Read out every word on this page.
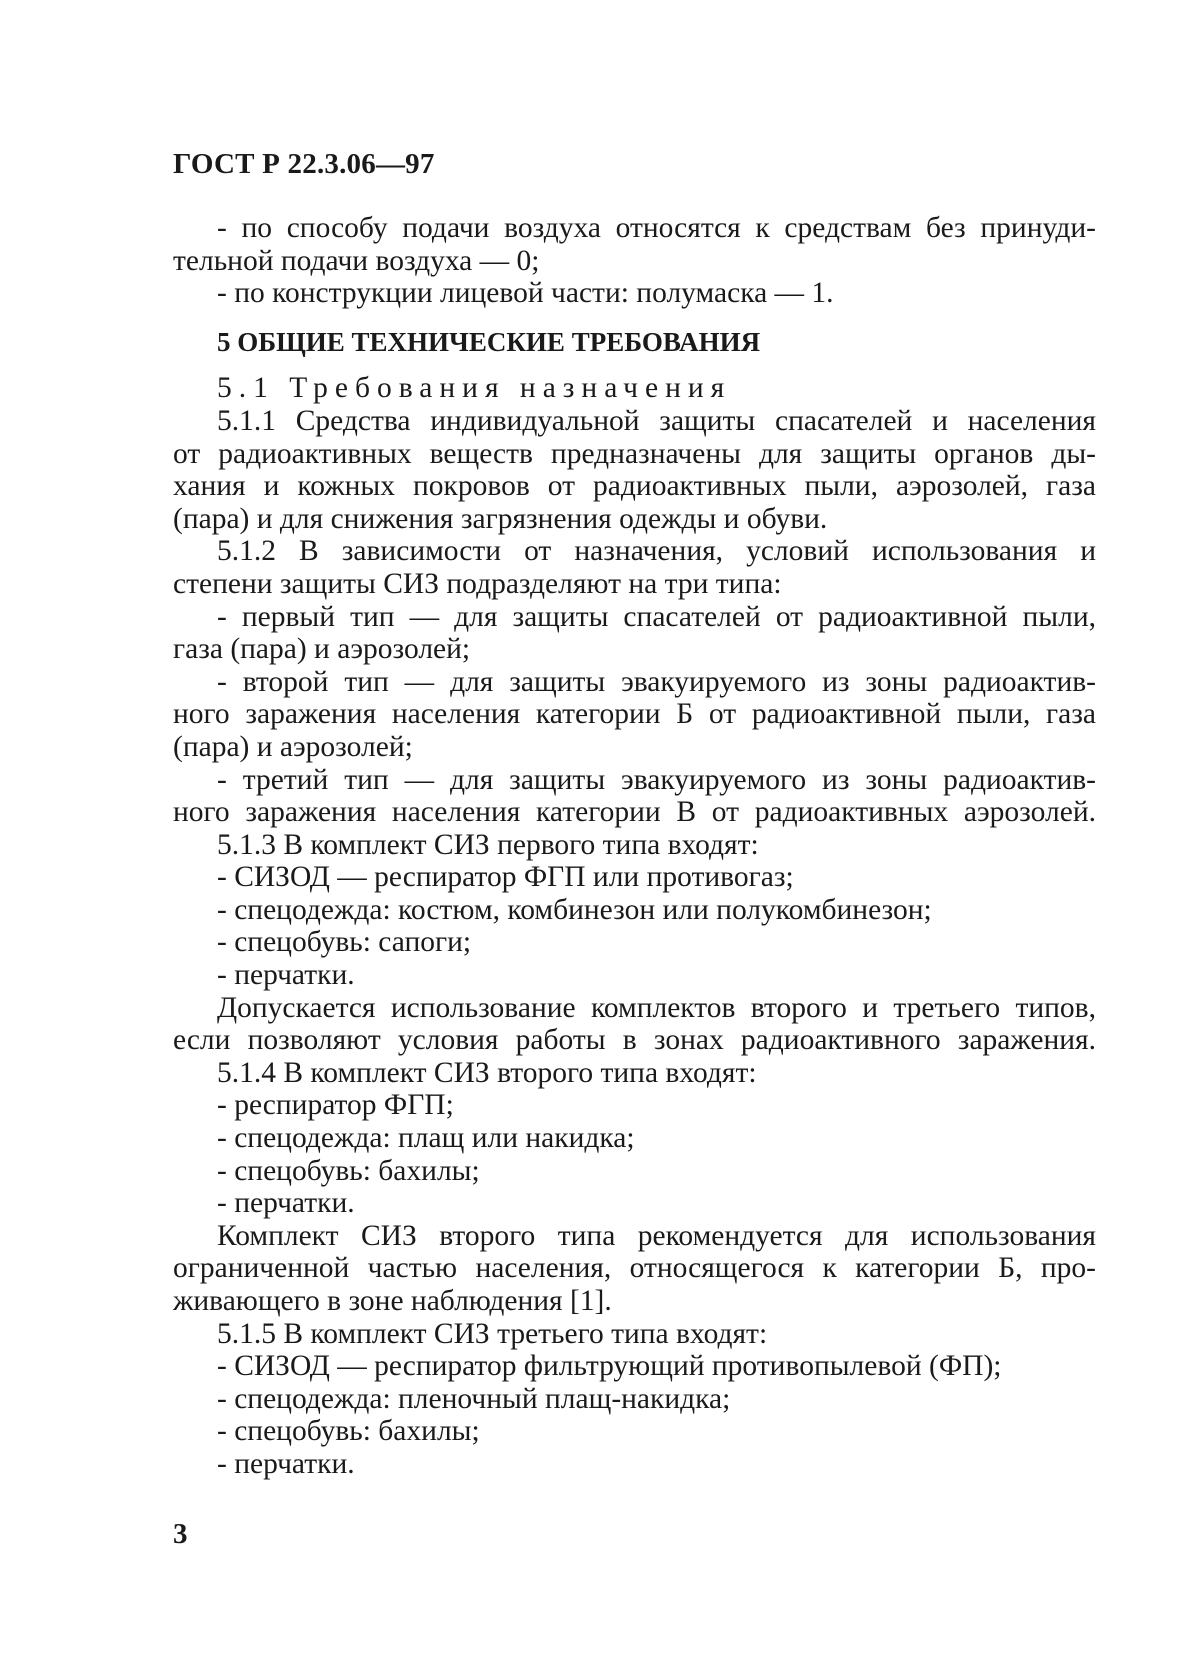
ГОСТ Р 22.3.06—97
- по способу подачи воздуха относятся к средствам без принуди-
тельной подачи воздуха — 0;
- по конструкции лицевой части: полумаска — 1.
5 ОБЩИЕ ТЕХНИЧЕСКИЕ ТРЕБОВАНИЯ
5.1 Требования назначения
5.1.1 Средства индивидуальной защиты спасателей и населения
от радиоактивных веществ предназначены для защиты органов ды-
хания и кожных покровов от радиоактивных пыли, аэрозолей, газа
(пара) и для снижения загрязнения одежды и обуви.
5.1.2 В зависимости от назначения, условий использования и
степени защиты СИЗ подразделяют на три типа:
- первый тип — для защиты спасателей от радиоактивной пыли,
газа (пара) и аэрозолей;
- второй тип — для защиты эвакуируемого из зоны радиоактив-
ного заражения населения категории Б от радиоактивной пыли, газа
(пара) и аэрозолей;
- третий тип — для защиты эвакуируемого из зоны радиоактив-
ного заражения населения категории В от радиоактивных аэрозолей.
5.1.3 В комплект СИЗ первого типа входят:
- СИЗОД — респиратор ФГП или противогаз;
- спецодежда: костюм, комбинезон или полукомбинезон;
- спецобувь: сапоги;
- перчатки.
Допускается использование комплектов второго и третьего типов,
если позволяют условия работы в зонах радиоактивного заражения.
5.1.4 В комплект СИЗ второго типа входят:
- респиратор ФГП;
- спецодежда: плащ или накидка;
- спецобувь: бахилы;
- перчатки.
Комплект СИЗ второго типа рекомендуется для использования
ограниченной частью населения, относящегося к категории Б, про-
живающего в зоне наблюдения [1].
5.1.5 В комплект СИЗ третьего типа входят:
- СИЗОД — респиратор фильтрующий противопылевой (ФП);
- спецодежда: пленочный плащ-накидка;
- спецобувь: бахилы;
- перчатки.
3
